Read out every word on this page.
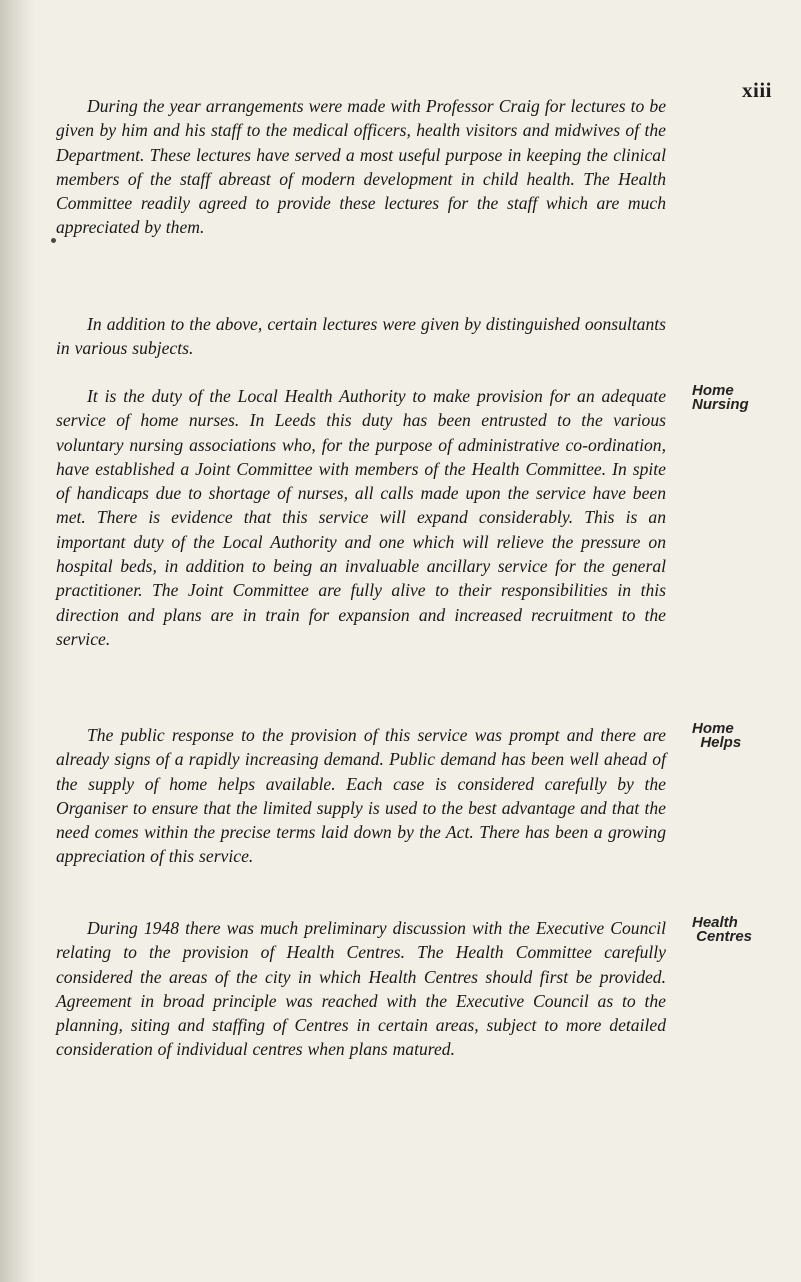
xiii

During the year arrangements were made with Professor Craig for lectures to be given by him and his staff to the medical officers, health visitors and midwives of the Department. These lectures have served a most useful purpose in keeping the clinical members of the staff abreast of modern development in child health. The Health Committee readily agreed to provide these lectures for the staff which are much appreciated by them.

In addition to the above, certain lectures were given by distinguished oonsultants in various subjects.

It is the duty of the Local Health Authority to make provision for an adequate service of home nurses. In Leeds this duty has been entrusted to the various voluntary nursing associations who, for the purpose of administrative co-ordination, have established a Joint Committee with members of the Health Committee. In spite of handicaps due to shortage of nurses, all calls made upon the service have been met. There is evidence that this service will expand considerably. This is an important duty of the Local Authority and one which will relieve the pressure on hospital beds, in addition to being an invaluable ancillary service for the general practitioner. The Joint Committee are fully alive to their responsibilities in this direction and plans are in train for expansion and increased recruitment to the service.

Home
Nursing

The public response to the provision of this service was prompt and there are already signs of a rapidly increasing demand. Public demand has been well ahead of the supply of home helps available. Each case is considered carefully by the Organiser to ensure that the limited supply is used to the best advantage and that the need comes within the precise terms laid down by the Act. There has been a growing appreciation of this service.

Home
Helps

During 1948 there was much preliminary discussion with the Executive Council relating to the provision of Health Centres. The Health Committee carefully considered the areas of the city in which Health Centres should first be provided. Agreement in broad principle was reached with the Executive Council as to the planning, siting and staffing of Centres in certain areas, subject to more detailed consideration of individual centres when plans matured.

Health
Centres
